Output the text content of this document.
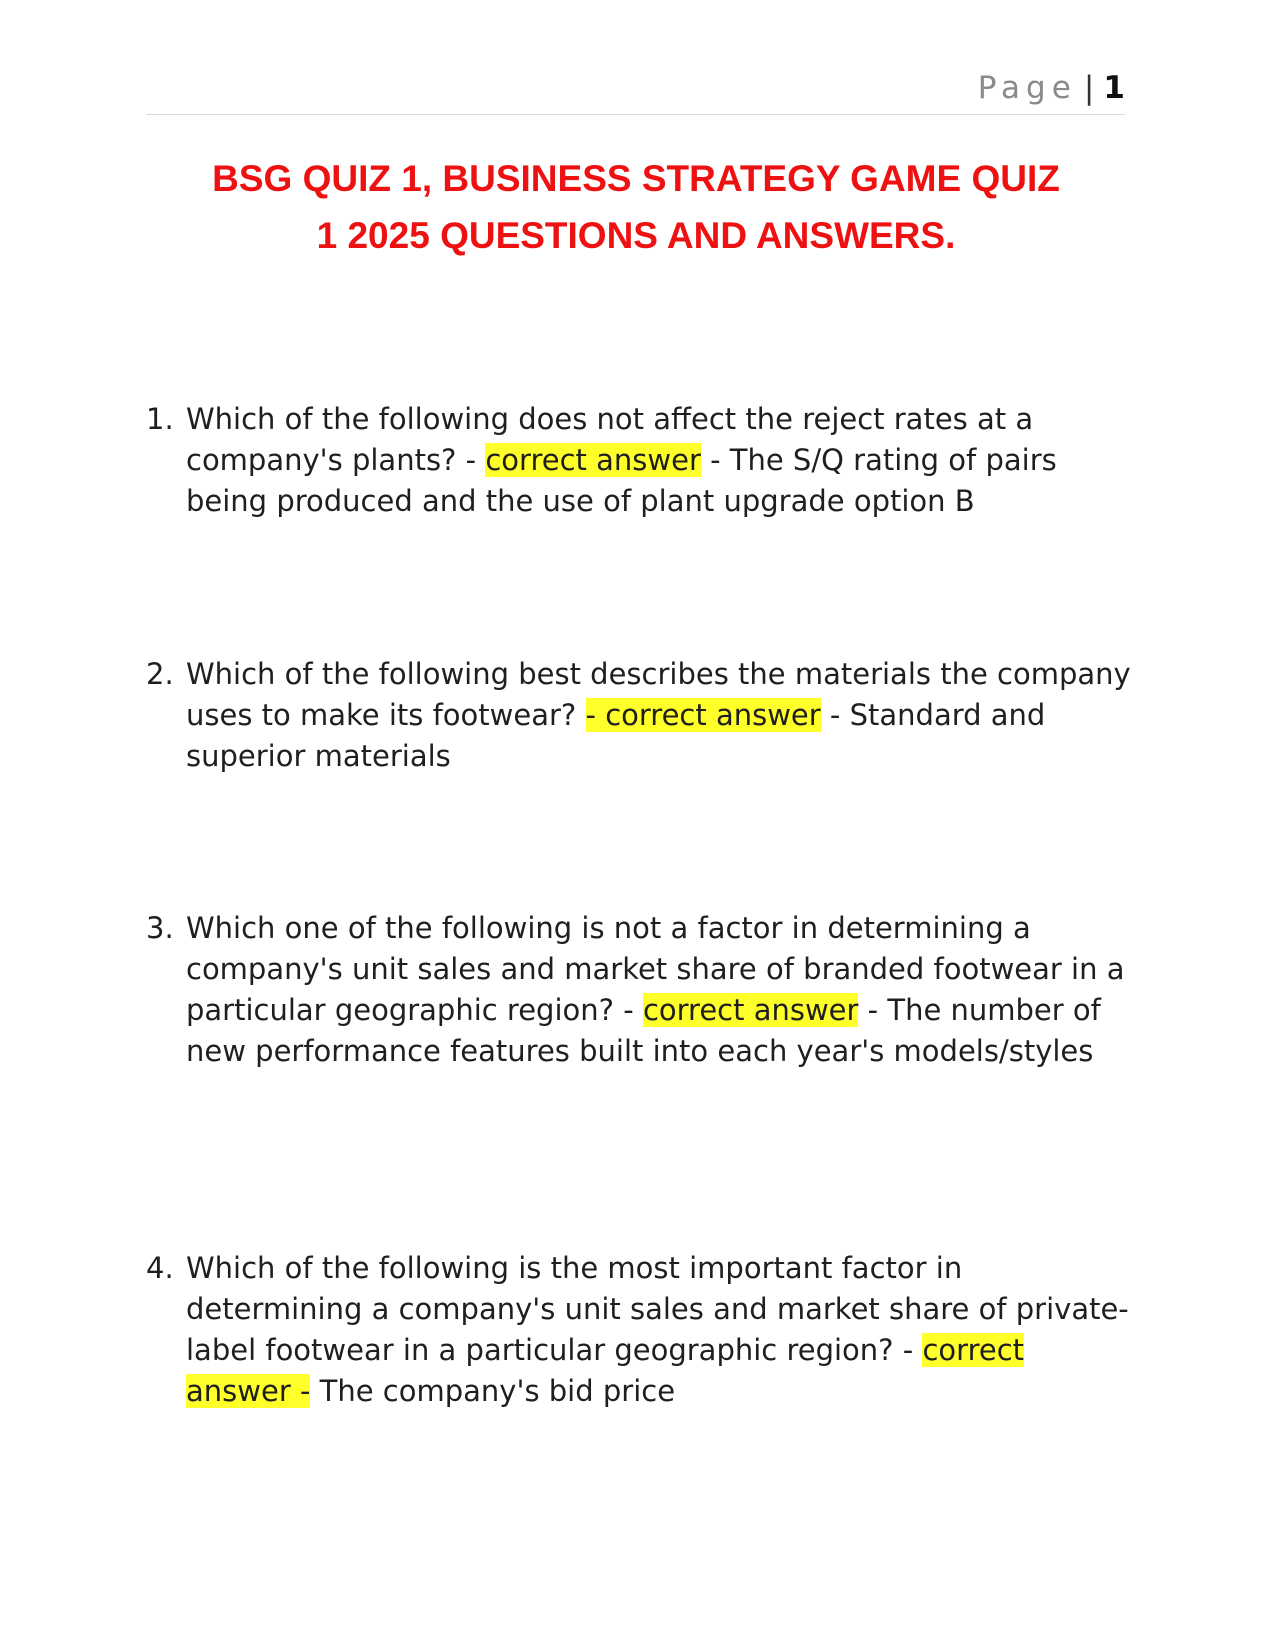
Page | 1
BSG QUIZ 1, BUSINESS STRATEGY GAME QUIZ
1 2025 QUESTIONS AND ANSWERS.
1. Which of the following does not affect the reject rates at a company's plants? - correct answer - The S/Q rating of pairs being produced and the use of plant upgrade option B
2. Which of the following best describes the materials the company uses to make its footwear? - correct answer - Standard and superior materials
3. Which one of the following is not a factor in determining a company's unit sales and market share of branded footwear in a particular geographic region? - correct answer - The number of new performance features built into each year's models/styles
4. Which of the following is the most important factor in determining a company's unit sales and market share of private-label footwear in a particular geographic region? - correct answer - The company's bid price
